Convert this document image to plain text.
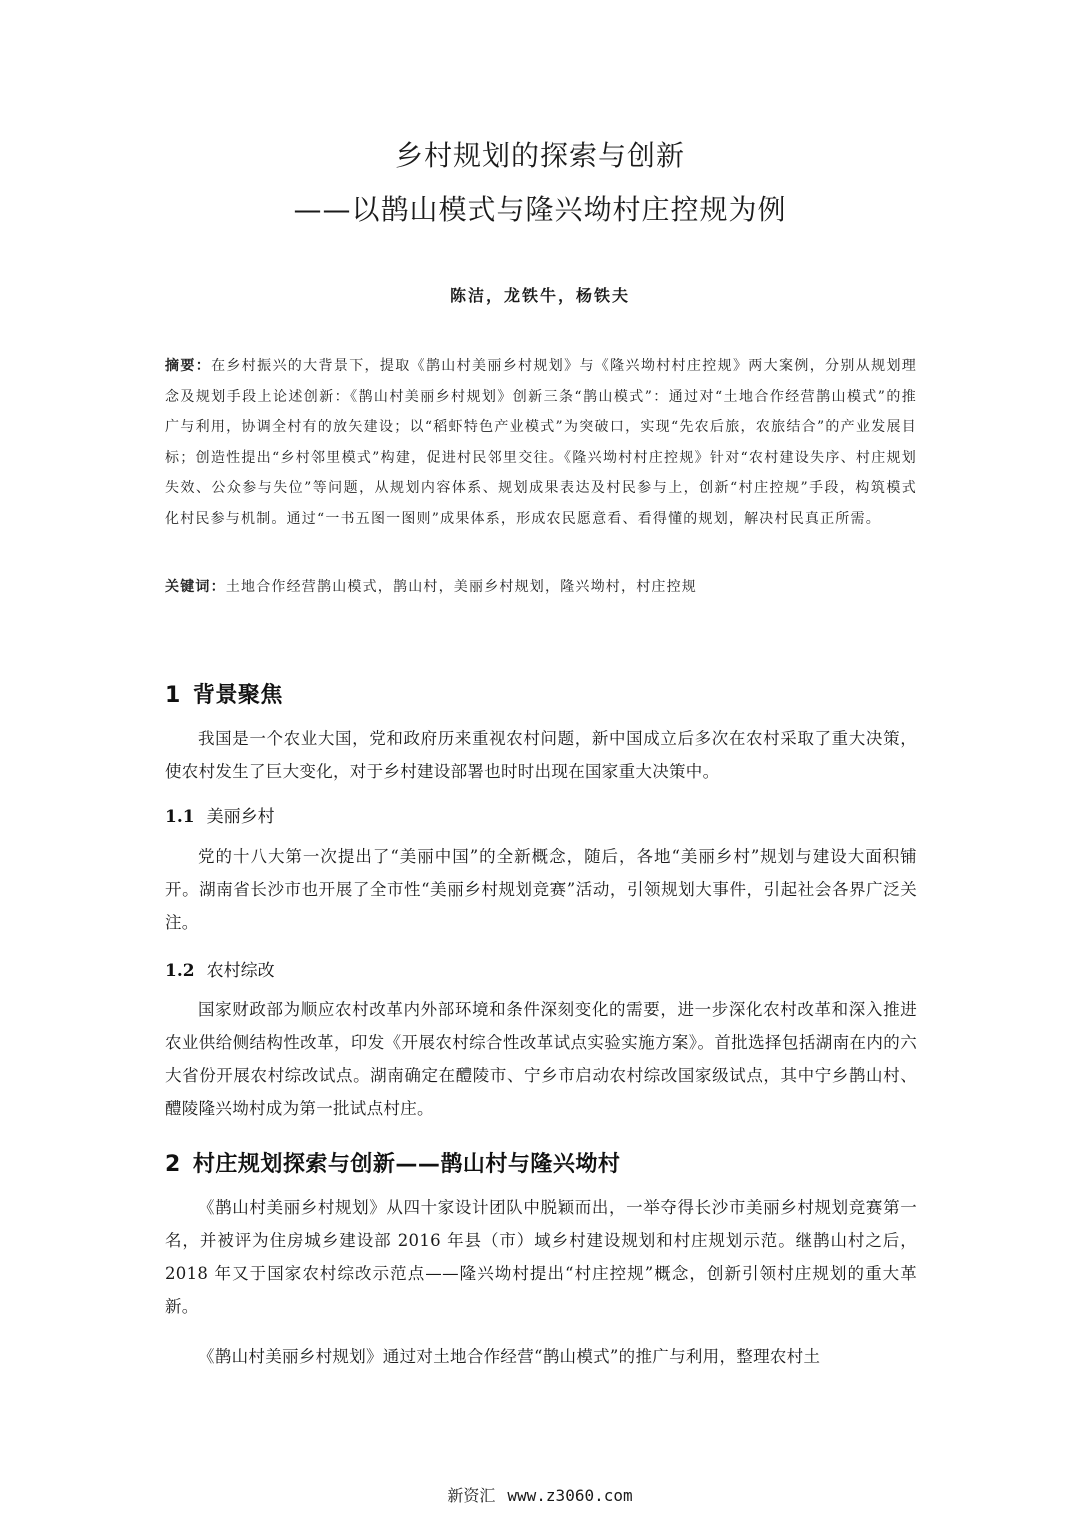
乡村规划的探索与创新
——以鹊山模式与隆兴坳村庄控规为例
陈洁，龙铁牛，杨铁夫
摘要：在乡村振兴的大背景下，提取《鹊山村美丽乡村规划》与《隆兴坳村村庄控规》两大案例，分别从规划理念及规划手段上论述创新：《鹊山村美丽乡村规划》创新三条“鹊山模式”：通过对“土地合作经营鹊山模式”的推广与利用，协调全村有的放矢建设；以“稻虾特色产业模式”为突破口，实现“先农后旅，农旅结合”的产业发展目标；创造性提出“乡村邻里模式”构建，促进村民邻里交往。《隆兴坳村村庄控规》针对“农村建设失序、村庄规划失效、公众参与失位”等问题，从规划内容体系、规划成果表达及村民参与上，创新“村庄控规”手段，构筑模式化村民参与机制。通过“一书五图一图则”成果体系，形成农民愿意看、看得懂的规划，解决村民真正所需。
关键词：土地合作经营鹊山模式，鹊山村，美丽乡村规划，隆兴坳村，村庄控规
1 背景聚焦
我国是一个农业大国，党和政府历来重视农村问题，新中国成立后多次在农村采取了重大决策，使农村发生了巨大变化，对于乡村建设部署也时时出现在国家重大决策中。
1.1 美丽乡村
党的十八大第一次提出了“美丽中国”的全新概念，随后，各地“美丽乡村”规划与建设大面积铺开。湖南省长沙市也开展了全市性“美丽乡村规划竞赛”活动，引领规划大事件，引起社会各界广泛关注。
1.2 农村综改
国家财政部为顺应农村改革内外部环境和条件深刻变化的需要，进一步深化农村改革和深入推进农业供给侧结构性改革，印发《开展农村综合性改革试点实验实施方案》。首批选择包括湖南在内的六大省份开展农村综改试点。湖南确定在醴陵市、宁乡市启动农村综改国家级试点，其中宁乡鹊山村、醴陵隆兴坳村成为第一批试点村庄。
2 村庄规划探索与创新——鹊山村与隆兴坳村
《鹊山村美丽乡村规划》从四十家设计团队中脱颖而出，一举夺得长沙市美丽乡村规划竞赛第一名，并被评为住房城乡建设部 2016 年县（市）域乡村建设规划和村庄规划示范。继鹊山村之后，2018 年又于国家农村综改示范点——隆兴坳村提出“村庄控规”概念，创新引领村庄规划的重大革新。
《鹊山村美丽乡村规划》通过对土地合作经营“鹊山模式”的推广与利用，整理农村土
新资汇 www.z3060.com
